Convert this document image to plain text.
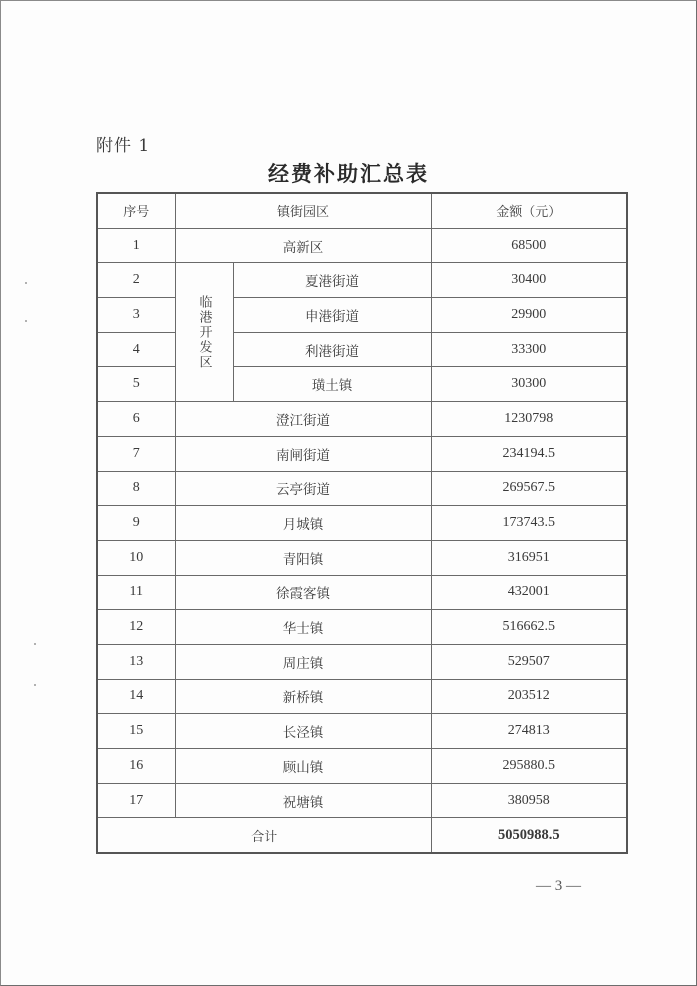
附件 1
经费补助汇总表
序号	镇街园区		金额（元）
1	高新区		68500
2	临港开发区	夏港街道	30400
3		申港街道	29900
4		利港街道	33300
5		璜土镇	30300
6	澄江街道		1230798
7	南闸街道		234194.5
8	云亭街道		269567.5
9	月城镇		173743.5
10	青阳镇		316951
11	徐霞客镇		432001
12	华士镇		516662.5
13	周庄镇		529507
14	新桥镇		203512
15	长泾镇		274813
16	顾山镇		295880.5
17	祝塘镇		380958
合计			5050988.5
— 3 —
